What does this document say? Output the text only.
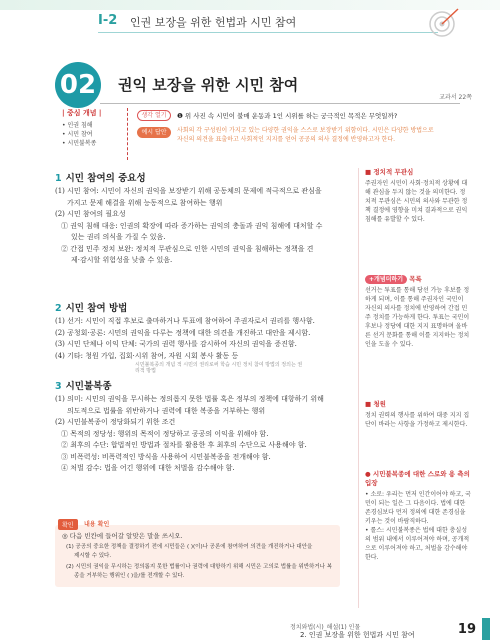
Ⅰ-2 인권 보장을 위한 헌법과 시민 참여
02	권익 보장을 위한 시민 참여
교과서 22쪽
| 중심 개념 |
• 인권 침해
• 시민 참여
• 시민불복종
생각 열기	❶ 위 사진 속 시민이 불매 운동과 1인 시위를 하는 궁극적인 목적은 무엇일까?
예시 답안	사회의 각 구성원이 가지고 있는 다양한 권익을 스스로 보장받기 위함이다. 시민은 다양한 방법으로
자신의 의견을 표출하고 사회적인 지지를 얻어 공공의 의사 결정에 반영하고자 한다.
1 시민 참여의 중요성
(1) 시민 참여: 시민이 자신의 권익을 보장받기 위해 공동체의 문제에 적극적으로 관심을
가지고 문제 해결을 위해 능동적으로 참여하는 행위
(2) 시민 참여의 필요성
① 권익 침해 대응: 인권의 확장에 따라 증가하는 권익의 충돌과 권익 침해에 대처할 수
있는 권리 의식을 가질 수 있음.
② 간접 민주 정치 보완: 정치적 무관심으로 인한 시민의 권익을 침해하는 정책을 견
제·감시할 위험성을 낮출 수 있음.
2 시민 참여 방법
(1) 선거: 시민이 직접 후보로 출마하거나 투표에 참여하여 주권자로서 권리를 행사함.
(2) 공청회·공론: 시민의 권익을 다루는 정책에 대한 의견을 개진하고 대안을 제시함.
(3) 시민 단체나 이익 단체: 국가의 권력 행사를 감시하여 자신의 권익을 증진함.
(4) 기타: 청원 가입, 집회·시위 참여, 자원 시회 봉사 활동 등
시민불복종의 개념 적 시민의 권리로써 학습 시민 정치 참여 방법의 정의는 권리적 방법
3 시민불복종
(1) 의미: 시민의 권익을 무시하는 정의롭지 못한 법률 혹은 정부의 정책에 대항하기 위해
의도적으로 법률을 위반하거나 권력에 대한 복종을 거부하는 행위
(2) 시민불복종이 정당화되기 위한 조건
① 목적의 정당성: 행위의 목적이 정당하고 공공의 이익을 위해야 함.
② 최후의 수단: 합법적인 방법과 절차를 활용한 후 최후의 수단으로 사용해야 함.
③ 비폭력성: 비폭력적인 방식을 사용하여 시민불복종을 전개해야 함.
④ 처벌 감수: 법을 어긴 행위에 대한 처벌을 감수해야 함.
■ 정치적 무관심
주권자인 시민이 사회·정치적 상황에 대해 관심을 두지 않는 것을 의미한다. 정치적 무관심은 시민의 의사와 무관한 정책 결정에 영향을 미쳐 결과적으로 권익 침해를 유발할 수 있다.
+개념더하기 목록
선거는 투표를 통해 당선 가능 후보를 정하게 되며, 이를 통해 주권자인 국민이 자신의 의사를 정치에 반영하여 간접 민주 정치를 가능하게 한다. 투표는 국민이 후보나 정당에 대한 지지 표명하며 올바른 선거 문화를 통해 이를 지지하는 정치인을 도울 수 있다.
■ 청원
정치 권력의 행사를 위하여 대중 지지 집단이 바라는 사항을 가정하고 제시한다.
● 시민불복종에 대한 스로와 용 측의 입장
• 소로: 우리는 먼저 인간이어야 하고, 국민이 되는 일은 그 다음이다. 법에 대한 존경심보다 먼저 정의에 대한 존경심을 키우는 것이 바람직하다.
• 롤스: 시민불복종은 법에 대한 충실성의 범위 내에서 이루어져야 하며, 공개적으로 이루어져야 하고, 처벌을 감수해야 한다.
확인	내용 확인
◎ 다음 빈칸에 들어갈 알맞은 말을 쓰시오.
(1) 공공의 중요한 정책을 결정하기 전에 시민들은 ( )(이)나 공론에 참여하여 의견을 개진하거나 대안을
제시할 수 있다.
(2) 시민의 권익을 무시하는 정의롭지 못한 법률이나 권력에 대항하기 위해 시민은 고의로 법률을 위반하거나 복
종을 거부하는 행위인 ( )을/를 전개할 수 있다.
정치와법(시)_해설(1) 인물
2. 인권 보장을 위한 헌법과 시민 참여	19
